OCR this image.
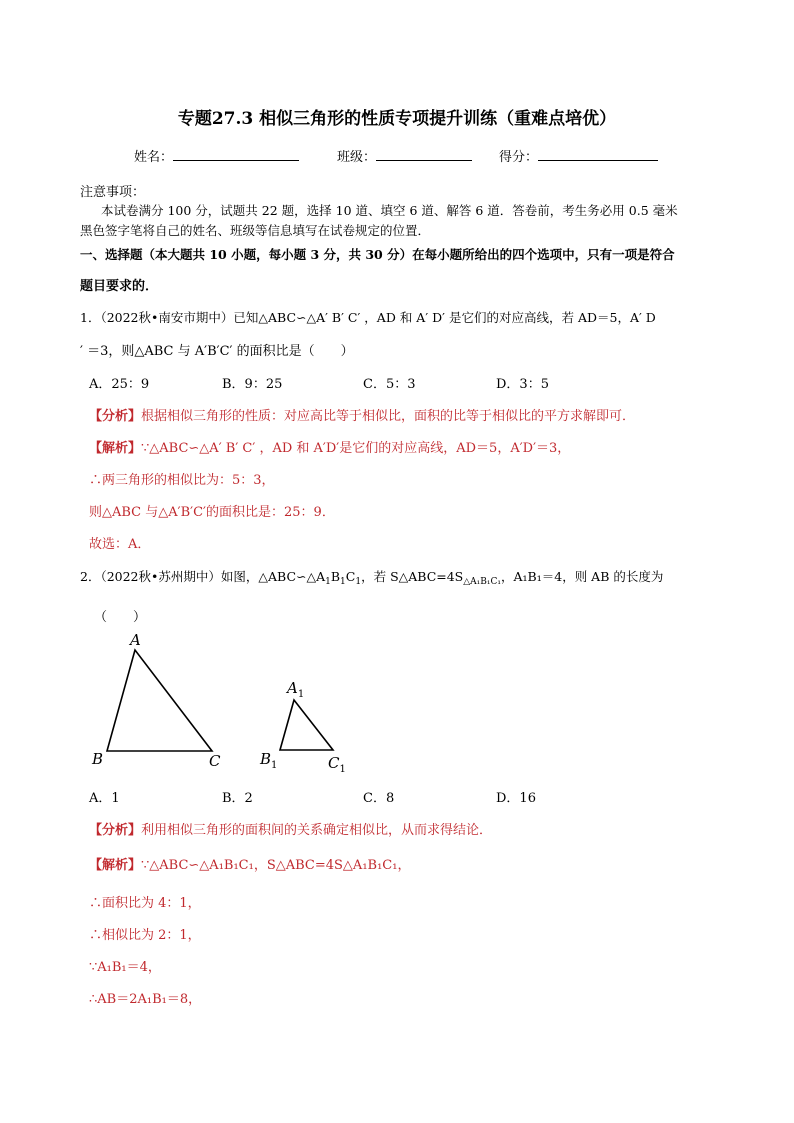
专题27.3 相似三角形的性质专项提升训练（重难点培优）
姓名：	班级：	得分：
注意事项：
本试卷满分 100 分，试题共 22 题，选择 10 道、填空 6 道、解答 6 道．答卷前，考生务必用 0.5 毫米
黑色签字笔将自己的姓名、班级等信息填写在试卷规定的位置．
一、选择题（本大题共 10 小题，每小题 3 分，共 30 分）在每小题所给出的四个选项中，只有一项是符合
题目要求的．
1．（2022秋•南安市期中）已知△ABC∽△A′ B′ C′ ，AD 和 A′ D′ 是它们的对应高线，若 AD＝5，A′ D
′ ＝3，则△ABC 与 A′B′C′ 的面积比是（　　）
A．25：9	B．9：25	C．5：3	D．3：5
【分析】根据相似三角形的性质：对应高比等于相似比，面积的比等于相似比的平方求解即可．
【解析】∵△ABC∽△A′ B′ C′ ，AD 和 A′D′是它们的对应高线，AD＝5，A′D′＝3，
∴两三角形的相似比为：5：3，
则△ABC 与△A′B′C′的面积比是：25：9．
故选：A．
2．（2022秋•苏州期中）如图，$\triangle ABC∽\triangle A_1B_1C_1$，若 $S\triangle ABC=4S_{\triangle A_1B_1C_1}$，A₁B₁＝4，则 AB 的长度为
（　　）
A
B	C
$A_1$
$B_1$	$C_1$
A．1	B．2	C．8	D．16
【分析】利用相似三角形的面积间的关系确定相似比，从而求得结论．
【解析】∵△ABC∽△A₁B₁C₁，S△ABC=4S△A₁B₁C₁，
∴面积比为 4：1，
∴相似比为 2：1，
∵A₁B₁＝4，
∴AB＝2A₁B₁＝8，
